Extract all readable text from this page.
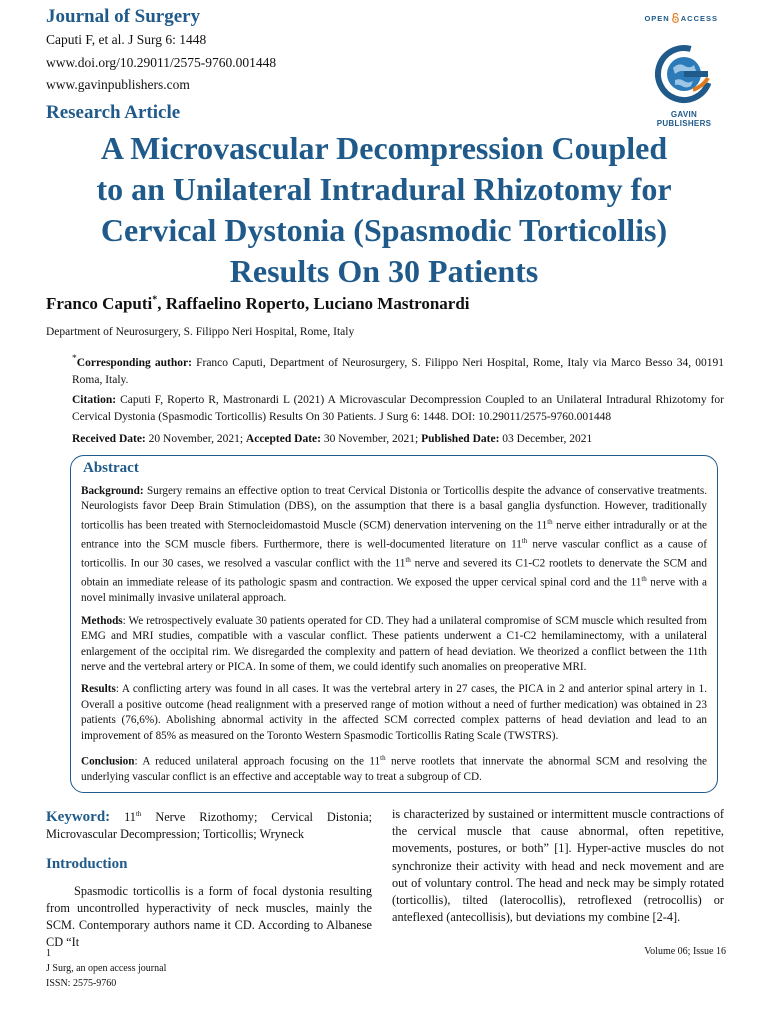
Journal of Surgery
Caputi F, et al. J Surg 6: 1448
www.doi.org/10.29011/2575-9760.001448
www.gavinpublishers.com
Research Article
OPEN ACCESS
GAVIN PUBLISHERS
A Microvascular Decompression Coupled
to an Unilateral Intradural Rhizotomy for
Cervical Dystonia (Spasmodic Torticollis)
Results On 30 Patients
Franco Caputi*, Raffaelino Roperto, Luciano Mastronardi
Department of Neurosurgery, S. Filippo Neri Hospital, Rome, Italy
*Corresponding author: Franco Caputi, Department of Neurosurgery, S. Filippo Neri Hospital, Rome, Italy via Marco Besso 34, 00191 Roma, Italy.
Citation: Caputi F, Roperto R, Mastronardi L (2021) A Microvascular Decompression Coupled to an Unilateral Intradural Rhizotomy for Cervical Dystonia (Spasmodic Torticollis) Results On 30 Patients. J Surg 6: 1448. DOI: 10.29011/2575-9760.001448
Received Date: 20 November, 2021; Accepted Date: 30 November, 2021; Published Date: 03 December, 2021
Abstract

Background: Surgery remains an effective option to treat Cervical Distonia or Torticollis despite the advance of conservative treatments. Neurologists favor Deep Brain Stimulation (DBS), on the assumption that there is a basal ganglia dysfunction. However, traditionally torticollis has been treated with Sternocleidomastoid Muscle (SCM) denervation intervening on the 11th nerve either intradurally or at the entrance into the SCM muscle fibers. Furthermore, there is well-documented literature on 11th nerve vascular conflict as a cause of torticollis. In our 30 cases, we resolved a vascular conflict with the 11th nerve and severed its C1-C2 rootlets to denervate the SCM and obtain an immediate release of its pathologic spasm and contraction. We exposed the upper cervical spinal cord and the 11th nerve with a novel minimally invasive unilateral approach.

Methods: We retrospectively evaluate 30 patients operated for CD. They had a unilateral compromise of SCM muscle which resulted from EMG and MRI studies, compatible with a vascular conflict. These patients underwent a C1-C2 hemilaminectomy, with a unilateral enlargement of the occipital rim. We disregarded the complexity and pattern of head deviation. We theorized a conflict between the 11th nerve and the vertebral artery or PICA. In some of them, we could identify such anomalies on preoperative MRI.

Results: A conflicting artery was found in all cases. It was the vertebral artery in 27 cases, the PICA in 2 and anterior spinal artery in 1. Overall a positive outcome (head realignment with a preserved range of motion without a need of further medication) was obtained in 23 patients (76,6%). Abolishing abnormal activity in the affected SCM corrected complex patterns of head deviation and lead to an improvement of 85% as measured on the Toronto Western Spasmodic Torticollis Rating Scale (TWSTRS).

Conclusion: A reduced unilateral approach focusing on the 11th nerve rootlets that innervate the abnormal SCM and resolving the underlying vascular conflict is an effective and acceptable way to treat a subgroup of CD.

Keyword: 11th Nerve Rizothomy; Cervical Distonia; Microvascular Decompression; Torticollis; Wryneck

Introduction

Spasmodic torticollis is a form of focal dystonia resulting from uncontrolled hyperactivity of neck muscles, mainly the SCM. Contemporary authors name it CD. According to Albanese CD “It

is characterized by sustained or intermittent muscle contractions of the cervical muscle that cause abnormal, often repetitive, movements, postures, or both” [1]. Hyper-active muscles do not synchronize their activity with head and neck movement and are out of voluntary control. The head and neck may be simply rotated (torticollis), tilted (laterocollis), retroflexed (retrocollis) or anteflexed (antecollisis), but deviations my combine [2-4].

1
J Surg, an open access journal
ISSN: 2575-9760
Volume 06; Issue 16
